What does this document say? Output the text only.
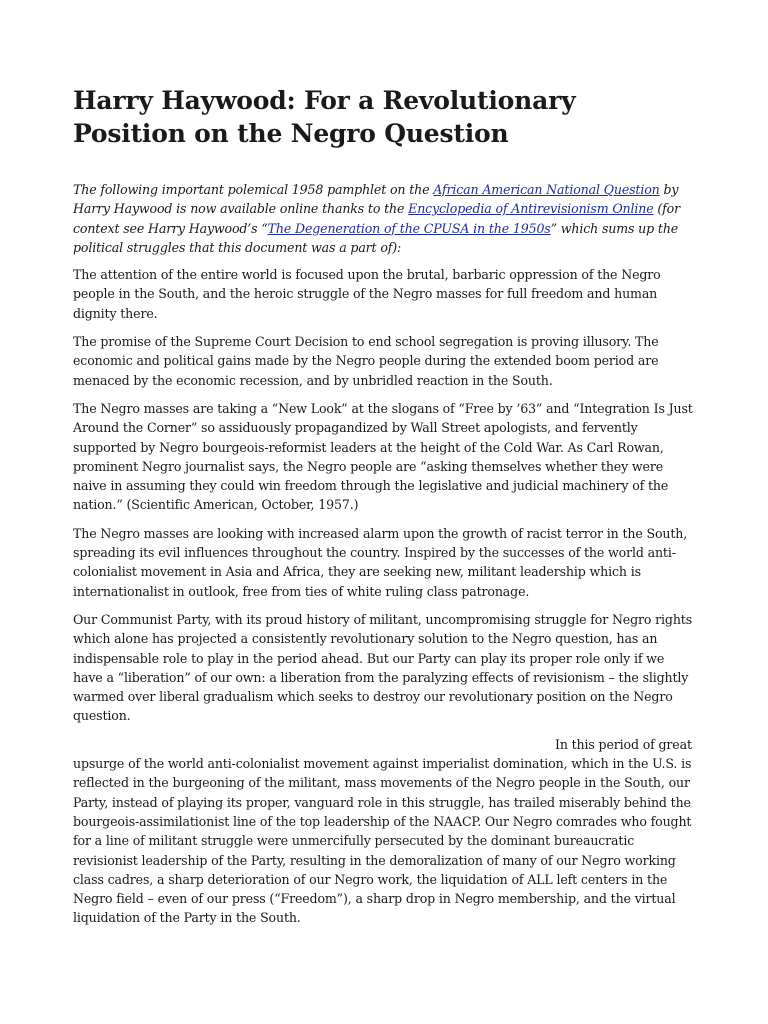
Harry Haywood: For a Revolutionary Position on the Negro Question

The following important polemical 1958 pamphlet on the African American National Question by Harry Haywood is now available online thanks to the Encyclopedia of Antirevisionism Online (for context see Harry Haywood’s “The Degeneration of the CPUSA in the 1950s” which sums up the political struggles that this document was a part of):

The attention of the entire world is focused upon the brutal, barbaric oppression of the Negro people in the South, and the heroic struggle of the Negro masses for full freedom and human dignity there.

The promise of the Supreme Court Decision to end school segregation is proving illusory. The economic and political gains made by the Negro people during the extended boom period are menaced by the economic recession, and by unbridled reaction in the South.

The Negro masses are taking a “New Look” at the slogans of “Free by ’63” and “Integration Is Just Around the Corner” so assiduously propagandized by Wall Street apologists, and fervently supported by Negro bourgeois-reformist leaders at the height of the Cold War. As Carl Rowan, prominent Negro journalist says, the Negro people are “asking themselves whether they were naive in assuming they could win freedom through the legislative and judicial machinery of the nation.” (Scientific American, October, 1957.)

The Negro masses are looking with increased alarm upon the growth of racist terror in the South, spreading its evil influences throughout the country. Inspired by the successes of the world anti-colonialist movement in Asia and Africa, they are seeking new, militant leadership which is internationalist in outlook, free from ties of white ruling class patronage.

Our Communist Party, with its proud history of militant, uncompromising struggle for Negro rights which alone has projected a consistently revolutionary solution to the Negro question, has an indispensable role to play in the period ahead. But our Party can play its proper role only if we have a “liberation” of our own: a liberation from the paralyzing effects of revisionism – the slightly warmed over liberal gradualism which seeks to destroy our revolutionary position on the Negro question.

In this period of great upsurge of the world anti-colonialist movement against imperialist domination, which in the U.S. is reflected in the burgeoning of the militant, mass movements of the Negro people in the South, our Party, instead of playing its proper, vanguard role in this struggle, has trailed miserably behind the bourgeois-assimilationist line of the top leadership of the NAACP. Our Negro comrades who fought for a line of militant struggle were unmercifully persecuted by the dominant bureaucratic revisionist leadership of the Party, resulting in the demoralization of many of our Negro working class cadres, a sharp deterioration of our Negro work, the liquidation of ALL left centers in the Negro field – even of our press (“Freedom”), a sharp drop in Negro membership, and the virtual liquidation of the Party in the South.
